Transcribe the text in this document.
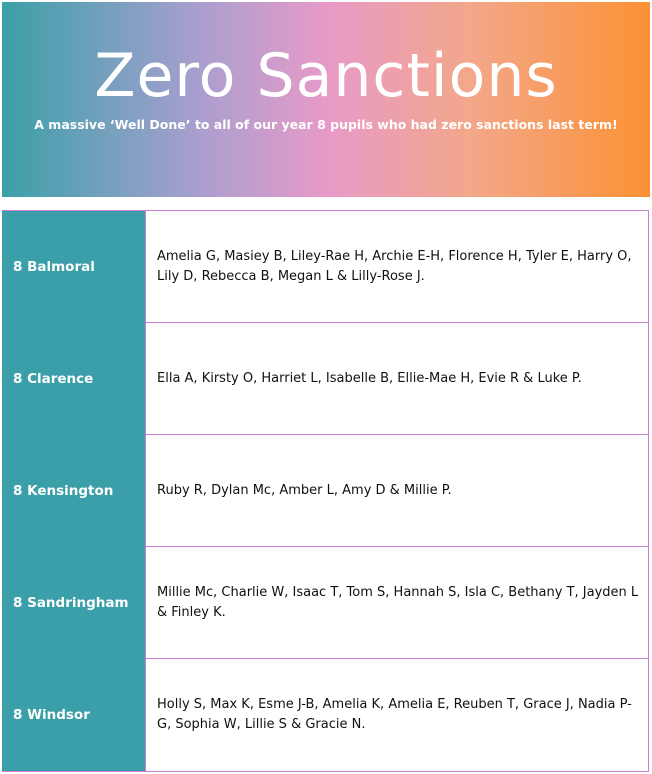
Zero Sanctions
A massive ‘Well Done’ to all of our year 8 pupils who had zero sanctions last term!
8 Balmoral
Amelia G, Masiey B, Liley-Rae H, Archie E-H, Florence H, Tyler E, Harry O, Lily D, Rebecca B, Megan L & Lilly-Rose J.
8 Clarence	Ella A, Kirsty O, Harriet L, Isabelle B, Ellie-Mae H, Evie R & Luke P.
8 Kensington	Ruby R, Dylan Mc, Amber L, Amy D & Millie P.
8 Sandringham
Millie Mc, Charlie W, Isaac T, Tom S, Hannah S, Isla C, Bethany T, Jayden L & Finley K.
8 Windsor
Holly S, Max K, Esme J-B, Amelia K, Amelia E, Reuben T, Grace J, Nadia P-G, Sophia W, Lillie S & Gracie N.
